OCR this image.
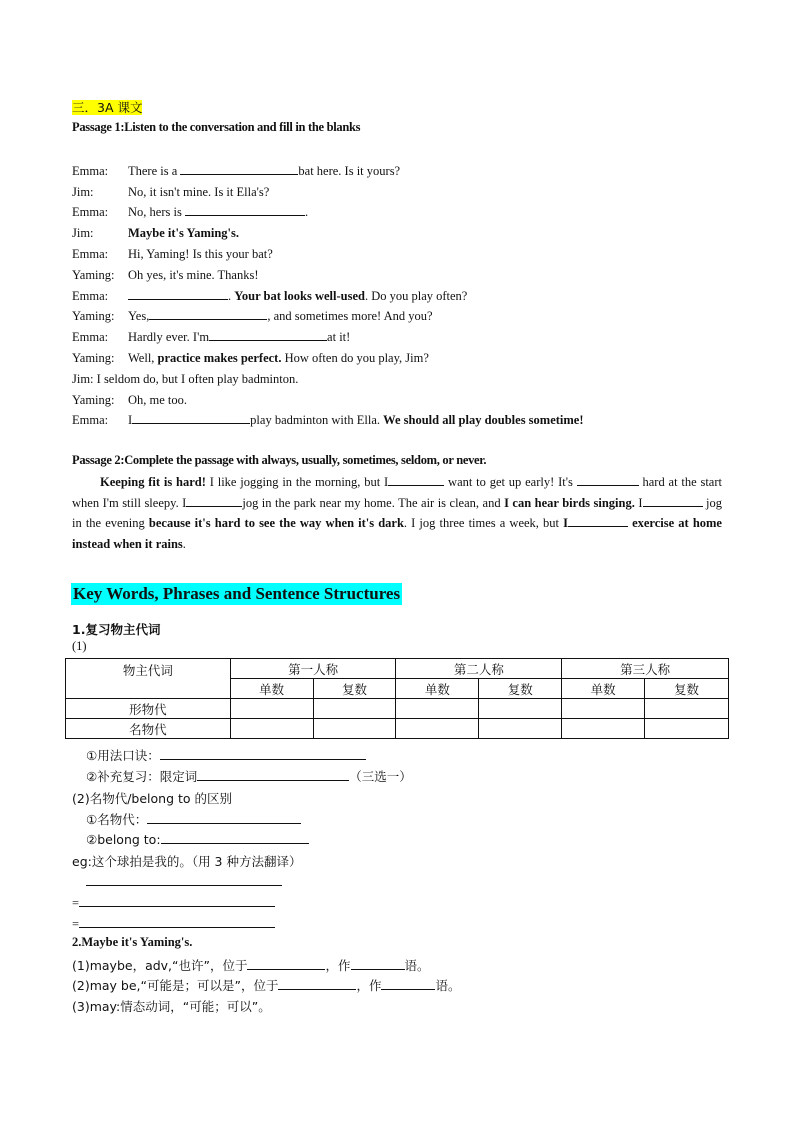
三．3A 课文
Passage 1:Listen to the conversation and fill in the blanks
Emma: There is a	bat here. Is it yours?
Jim:	No, it isn't mine. Is it Ella's?
Emma: No, hers is	.
Jim:	Maybe it's Yaming's.
Emma: Hi, Yaming! Is this your bat?
Yaming: Oh yes, it's mine. Thanks!
Emma:	. Your bat looks well-used. Do you play often?
Yaming: Yes,	, and sometimes more! And you?
Emma: Hardly ever. I'm	at it!
Yaming: Well, practice makes perfect. How often do you play, Jim?
Jim: I seldom do, but I often play badminton.
Yaming: Oh, me too.
Emma: I	play badminton with Ella. We should all play doubles sometime!
Passage 2:Complete the passage with always, usually, sometimes, seldom, or never.
Keeping fit is hard! I like jogging in the morning, but I	want to get up early! It's	hard at the start when I'm still sleepy. I	jog in the park near my home. The air is clean, and I can hear birds singing. I	jog in the evening because it's hard to see the way when it's dark. I jog three times a week, but I	exercise at home instead when it rains.
Key Words, Phrases and Sentence Structures
1.复习物主代词
(1)
物主代词	第一人称		第二人称		第三人称	
	单数	复数	单数	复数	单数	复数
形物代						
名物代						
①用法口诀：
②补充复习：限定词	（三选一）
(2)名物代/belong to 的区别
①名物代：
②belong to:
eg:这个球拍是我的。（用 3 种方法翻译）
=
=
2.Maybe it's Yaming's.
(1)maybe，adv,“也许”，位于	，作	语。
(2)may be,“可能是；可以是”，位于	，作	语。
(3)may:情态动词，“可能；可以”。
